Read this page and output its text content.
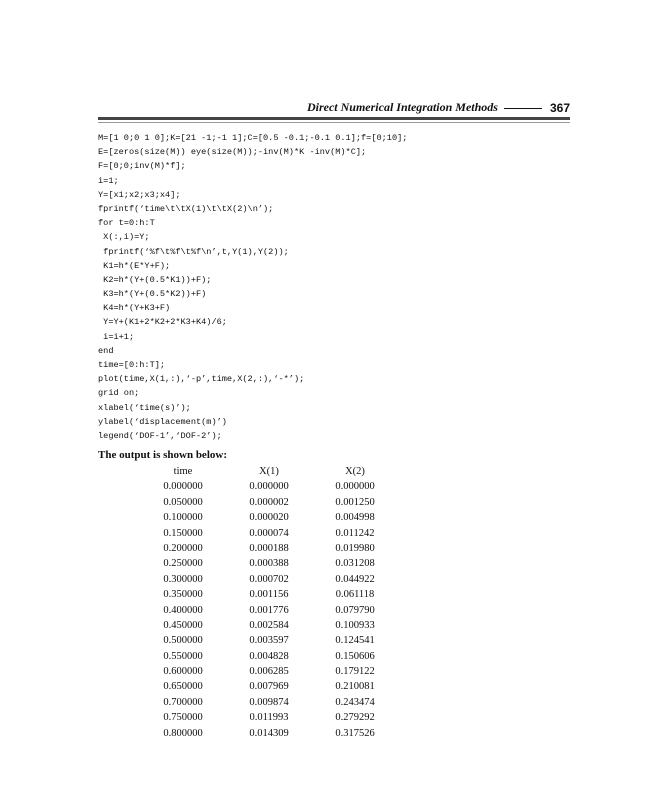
Direct Numerical Integration Methods	367
M=[1 0;0 1 0];K=[21 -1;-1 1];C=[0.5 -0.1;-0.1 0.1];f=[0;10];
E=[zeros(size(M)) eye(size(M));-inv(M)*K -inv(M)*C];
F=[0;0;inv(M)*f];
i=1;
Y=[x1;x2;x3;x4];
fprintf(‘time\t\tX(1)\t\tX(2)\n’);
for t=0:h:T
X(:,i)=Y;
fprintf(‘%f\t%f\t%f\n’,t,Y(1),Y(2));
K1=h*(E*Y+F);
K2=h*(Y+(0.5*K1))+F);
K3=h*(Y+(0.5*K2))+F)
K4=h*(Y+K3+F)
Y=Y+(K1+2*K2+2*K3+K4)/6;
i=i+1;
end
time=[0:h:T];
plot(time,X(1,:),‘-p’,time,X(2,:),‘-*’);
grid on;
xlabel(‘time(s)’);
ylabel(‘displacement(m)’)
legend(‘DOF-1’,‘DOF-2’);
The output is shown below:
time	X(1)	X(2)
0.000000	0.000000	0.000000
0.050000	0.000002	0.001250
0.100000	0.000020	0.004998
0.150000	0.000074	0.011242
0.200000	0.000188	0.019980
0.250000	0.000388	0.031208
0.300000	0.000702	0.044922
0.350000	0.001156	0.061118
0.400000	0.001776	0.079790
0.450000	0.002584	0.100933
0.500000	0.003597	0.124541
0.550000	0.004828	0.150606
0.600000	0.006285	0.179122
0.650000	0.007969	0.210081
0.700000	0.009874	0.243474
0.750000	0.011993	0.279292
0.800000	0.014309	0.317526
